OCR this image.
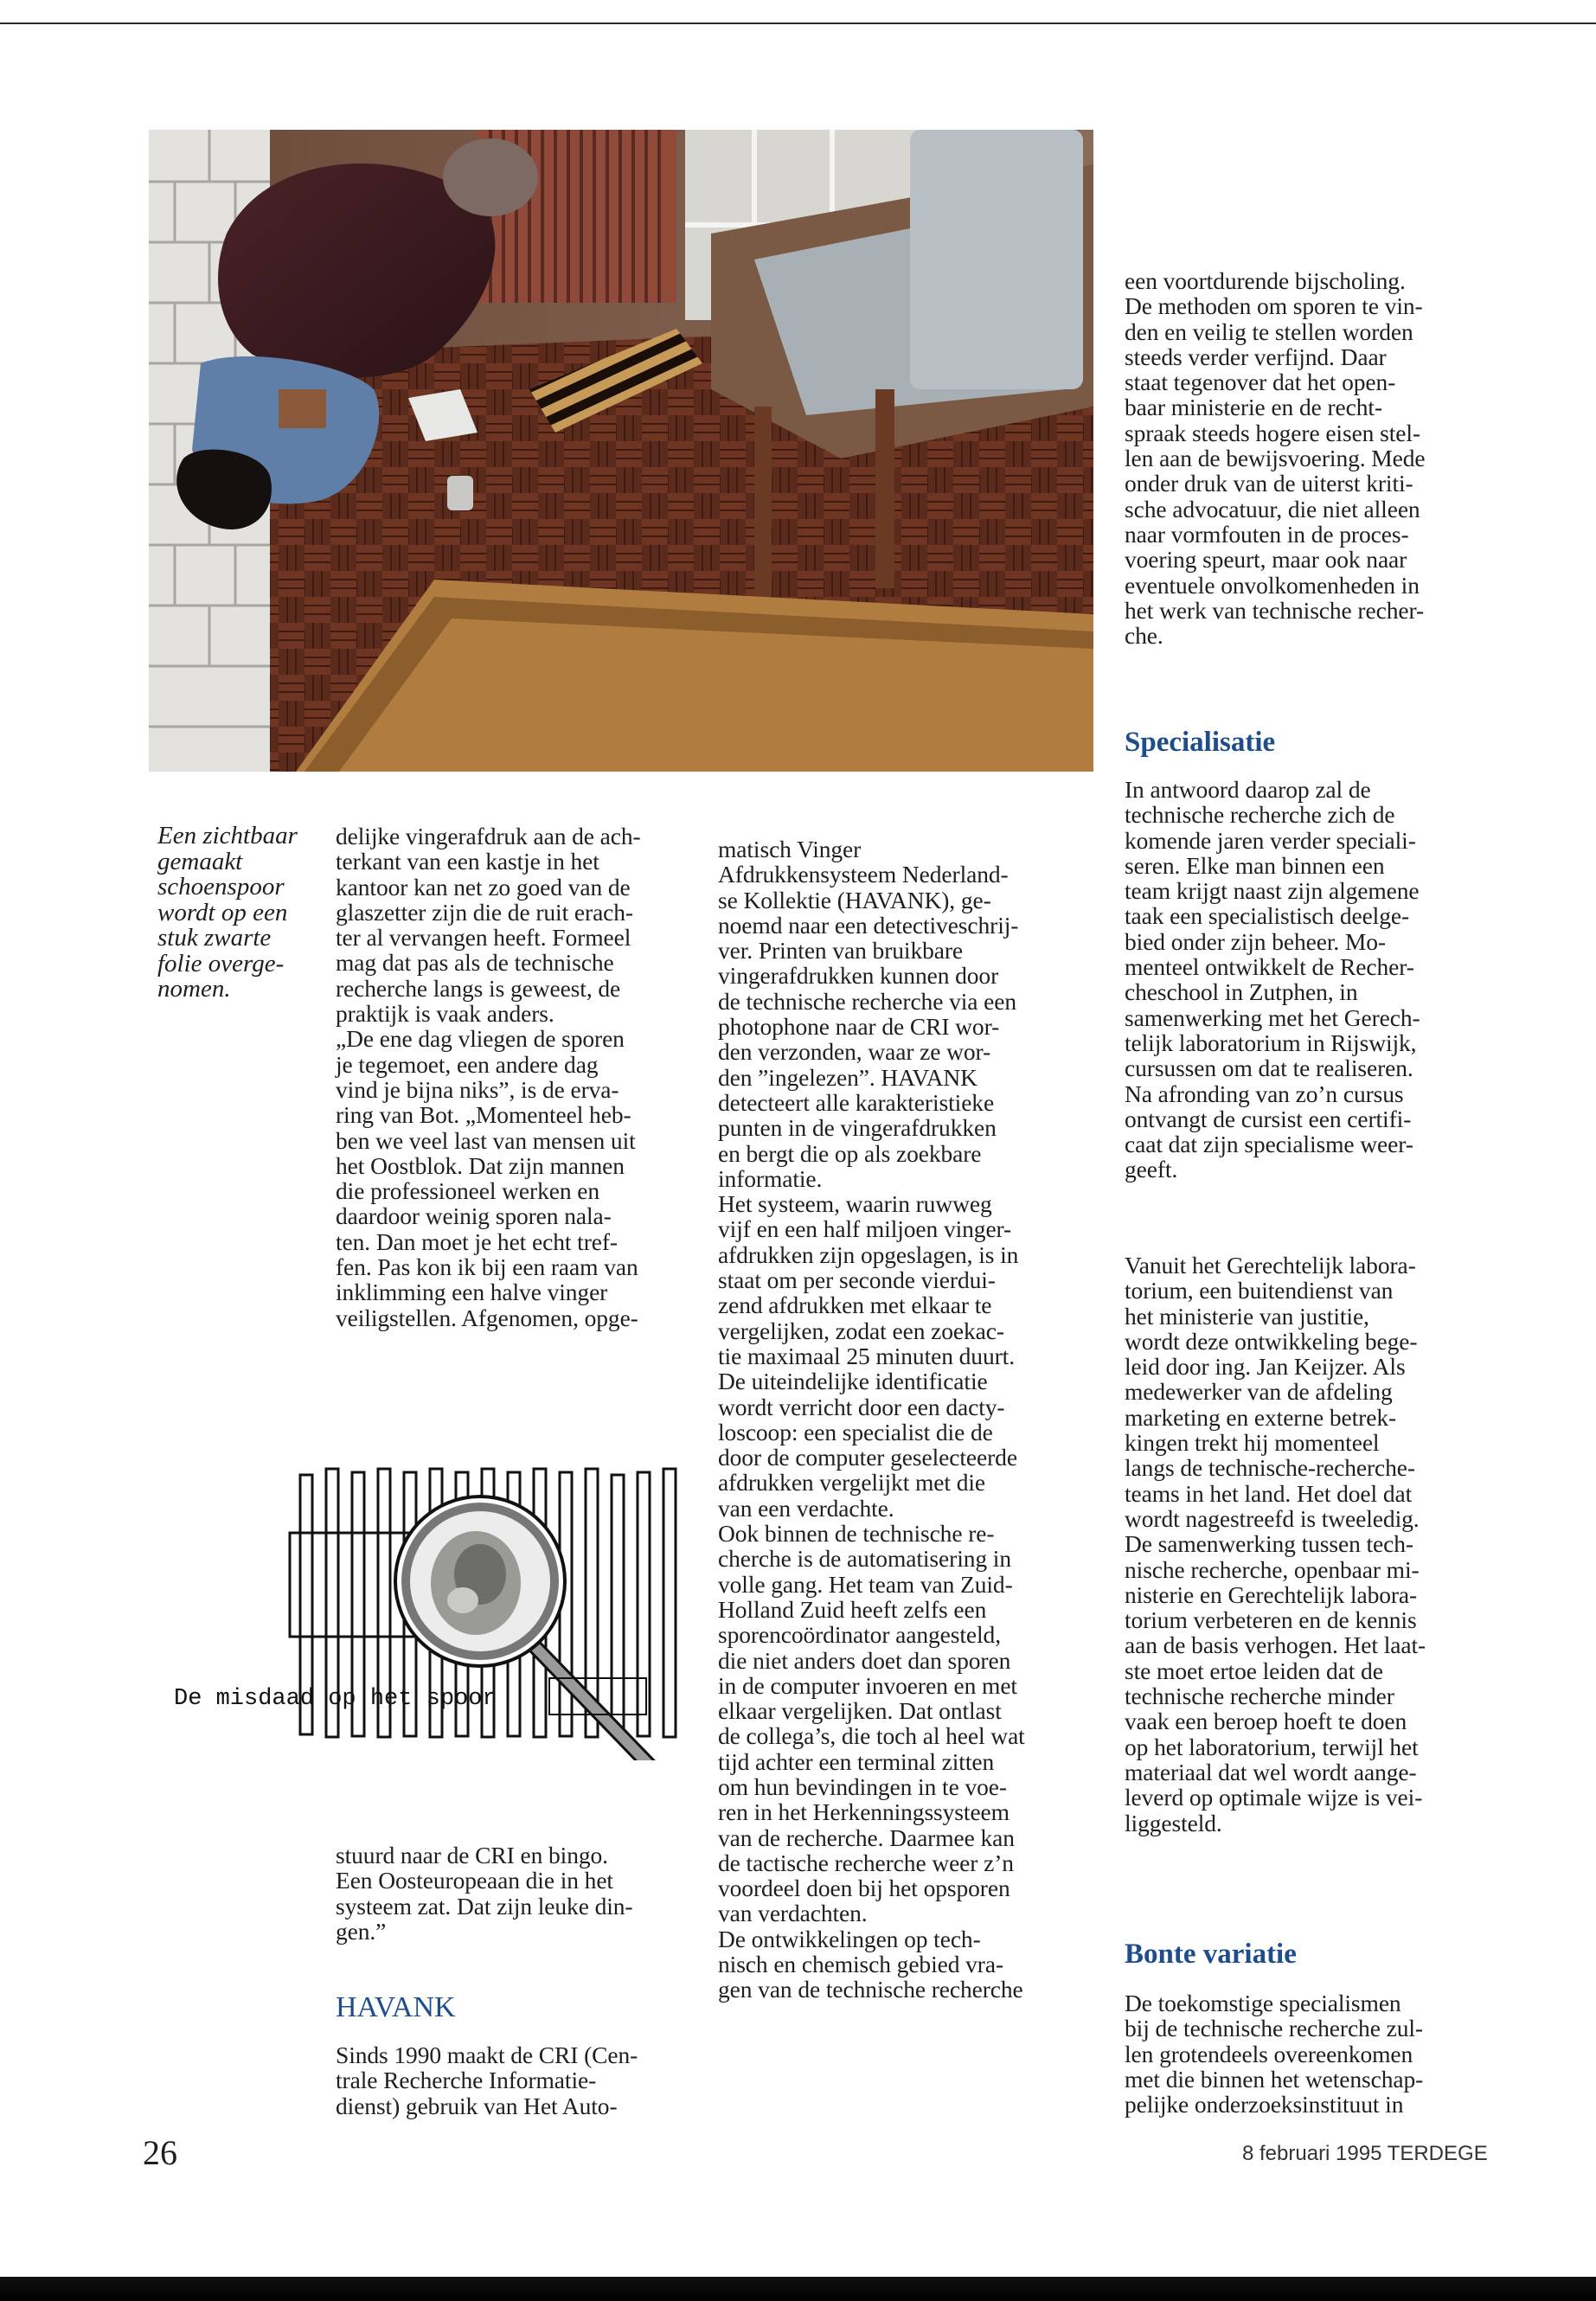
Een zichtbaar
gemaakt
schoenspoor
wordt op een
stuk zwarte
folie overge-
nomen.
delijke vingerafdruk aan de ach-
terkant van een kastje in het
kantoor kan net zo goed van de
glaszetter zijn die de ruit erach-
ter al vervangen heeft. Formeel
mag dat pas als de technische
recherche langs is geweest, de
praktijk is vaak anders.
„De ene dag vliegen de sporen
je tegemoet, een andere dag
vind je bijna niks”, is de erva-
ring van Bot. „Momenteel heb-
ben we veel last van mensen uit
het Oostblok. Dat zijn mannen
die professioneel werken en
daardoor weinig sporen nala-
ten. Dan moet je het echt tref-
fen. Pas kon ik bij een raam van
inklimming een halve vinger
veiligstellen. Afgenomen, opge-
De misdaad op het spoor
stuurd naar de CRI en bingo.
Een Oosteuropeaan die in het
systeem zat. Dat zijn leuke din-
gen.”
HAVANK
Sinds 1990 maakt de CRI (Cen-
trale Recherche Informatie-
dienst) gebruik van Het Auto-
matisch Vinger
Afdrukkensysteem Nederland-
se Kollektie (HAVANK), ge-
noemd naar een detectiveschrij-
ver. Printen van bruikbare
vingerafdrukken kunnen door
de technische recherche via een
photophone naar de CRI wor-
den verzonden, waar ze wor-
den ”ingelezen”. HAVANK
detecteert alle karakteristieke
punten in de vingerafdrukken
en bergt die op als zoekbare
informatie.
Het systeem, waarin ruwweg
vijf en een half miljoen vinger-
afdrukken zijn opgeslagen, is in
staat om per seconde vierdui-
zend afdrukken met elkaar te
vergelijken, zodat een zoekac-
tie maximaal 25 minuten duurt.
De uiteindelijke identificatie
wordt verricht door een dacty-
loscoop: een specialist die de
door de computer geselecteerde
afdrukken vergelijkt met die
van een verdachte.
Ook binnen de technische re-
cherche is de automatisering in
volle gang. Het team van Zuid-
Holland Zuid heeft zelfs een
sporencoördinator aangesteld,
die niet anders doet dan sporen
in de computer invoeren en met
elkaar vergelijken. Dat ontlast
de collega’s, die toch al heel wat
tijd achter een terminal zitten
om hun bevindingen in te voe-
ren in het Herkenningssysteem
van de recherche. Daarmee kan
de tactische recherche weer z’n
voordeel doen bij het opsporen
van verdachten.
De ontwikkelingen op tech-
nisch en chemisch gebied vra-
gen van de technische recherche
een voortdurende bijscholing.
De methoden om sporen te vin-
den en veilig te stellen worden
steeds verder verfijnd. Daar
staat tegenover dat het open-
baar ministerie en de recht-
spraak steeds hogere eisen stel-
len aan de bewijsvoering. Mede
onder druk van de uiterst kriti-
sche advocatuur, die niet alleen
naar vormfouten in de proces-
voering speurt, maar ook naar
eventuele onvolkomenheden in
het werk van technische recher-
che.
Specialisatie
In antwoord daarop zal de
technische recherche zich de
komende jaren verder speciali-
seren. Elke man binnen een
team krijgt naast zijn algemene
taak een specialistisch deelge-
bied onder zijn beheer. Mo-
menteel ontwikkelt de Recher-
cheschool in Zutphen, in
samenwerking met het Gerech-
telijk laboratorium in Rijswijk,
cursussen om dat te realiseren.
Na afronding van zo’n cursus
ontvangt de cursist een certifi-
caat dat zijn specialisme weer-
geeft.
Vanuit het Gerechtelijk labora-
torium, een buitendienst van
het ministerie van justitie,
wordt deze ontwikkeling bege-
leid door ing. Jan Keijzer. Als
medewerker van de afdeling
marketing en externe betrek-
kingen trekt hij momenteel
langs de technische-recherche-
teams in het land. Het doel dat
wordt nagestreefd is tweeledig.
De samenwerking tussen tech-
nische recherche, openbaar mi-
nisterie en Gerechtelijk labora-
torium verbeteren en de kennis
aan de basis verhogen. Het laat-
ste moet ertoe leiden dat de
technische recherche minder
vaak een beroep hoeft te doen
op het laboratorium, terwijl het
materiaal dat wel wordt aange-
leverd op optimale wijze is vei-
liggesteld.
Bonte variatie
De toekomstige specialismen
bij de technische recherche zul-
len grotendeels overeenkomen
met die binnen het wetenschap-
pelijke onderzoeksinstituut in
26	8 februari 1995 TERDEGE
